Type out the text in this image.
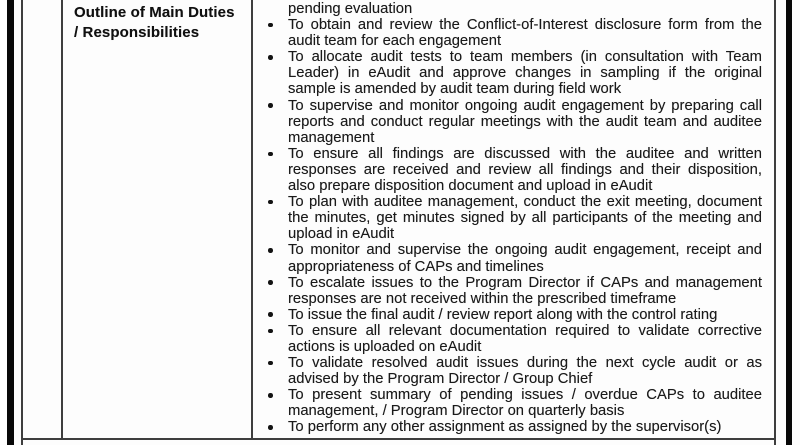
Outline of Main Duties
/ Responsibilities
pending evaluation
To obtain and review the Conflict-of-Interest disclosure form from the audit team for each engagement
To allocate audit tests to team members (in consultation with Team Leader) in eAudit and approve changes in sampling if the original sample is amended by audit team during field work
To supervise and monitor ongoing audit engagement by preparing call reports and conduct regular meetings with the audit team and auditee management
To ensure all findings are discussed with the auditee and written responses are received and review all findings and their disposition, also prepare disposition document and upload in eAudit
To plan with auditee management, conduct the exit meeting, document the minutes, get minutes signed by all participants of the meeting and upload in eAudit
To monitor and supervise the ongoing audit engagement, receipt and appropriateness of CAPs and timelines
To escalate issues to the Program Director if CAPs and management responses are not received within the prescribed timeframe
To issue the final audit / review report along with the control rating
To ensure all relevant documentation required to validate corrective actions is uploaded on eAudit
To validate resolved audit issues during the next cycle audit or as advised by the Program Director / Group Chief
To present summary of pending issues / overdue CAPs to auditee management, / Program Director on quarterly basis
To perform any other assignment as assigned by the supervisor(s)
